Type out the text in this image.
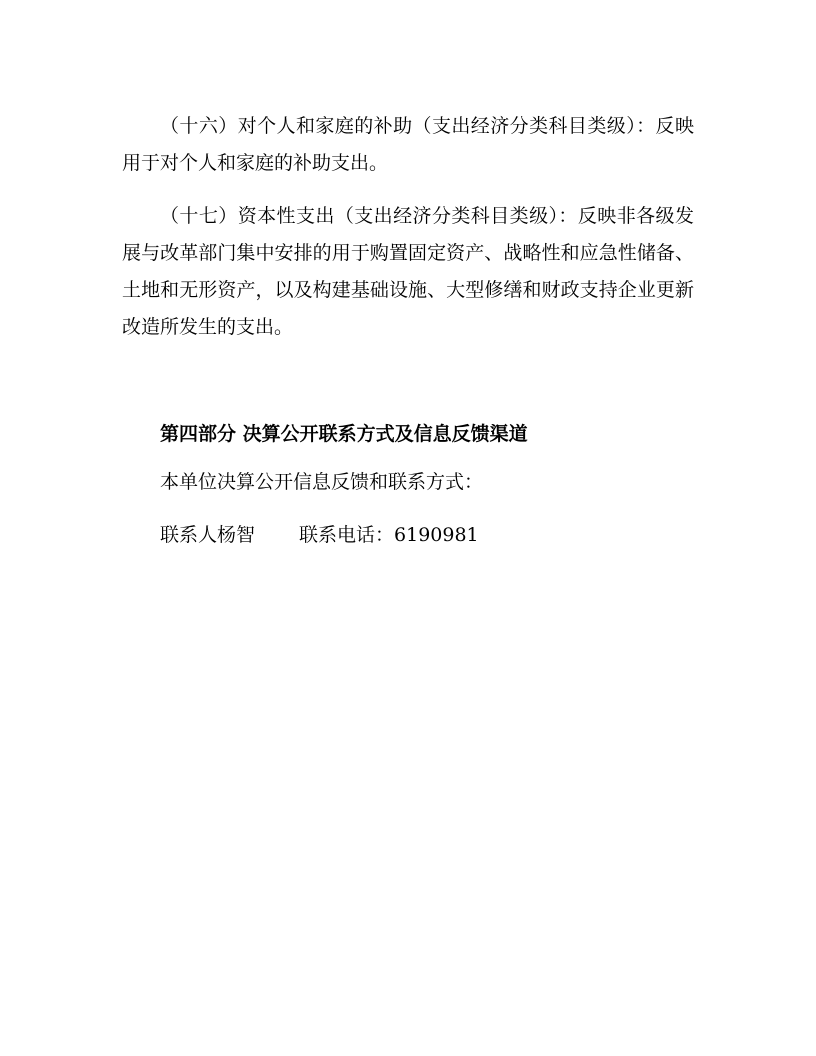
（十六）对个人和家庭的补助（支出经济分类科目类级）：反映用于对个人和家庭的补助支出。

（十七）资本性支出（支出经济分类科目类级）：反映非各级发展与改革部门集中安排的用于购置固定资产、战略性和应急性储备、土地和无形资产，以及构建基础设施、大型修缮和财政支持企业更新改造所发生的支出。

第四部分 决算公开联系方式及信息反馈渠道

本单位决算公开信息反馈和联系方式：

联系人杨智 联系电话：6190981
